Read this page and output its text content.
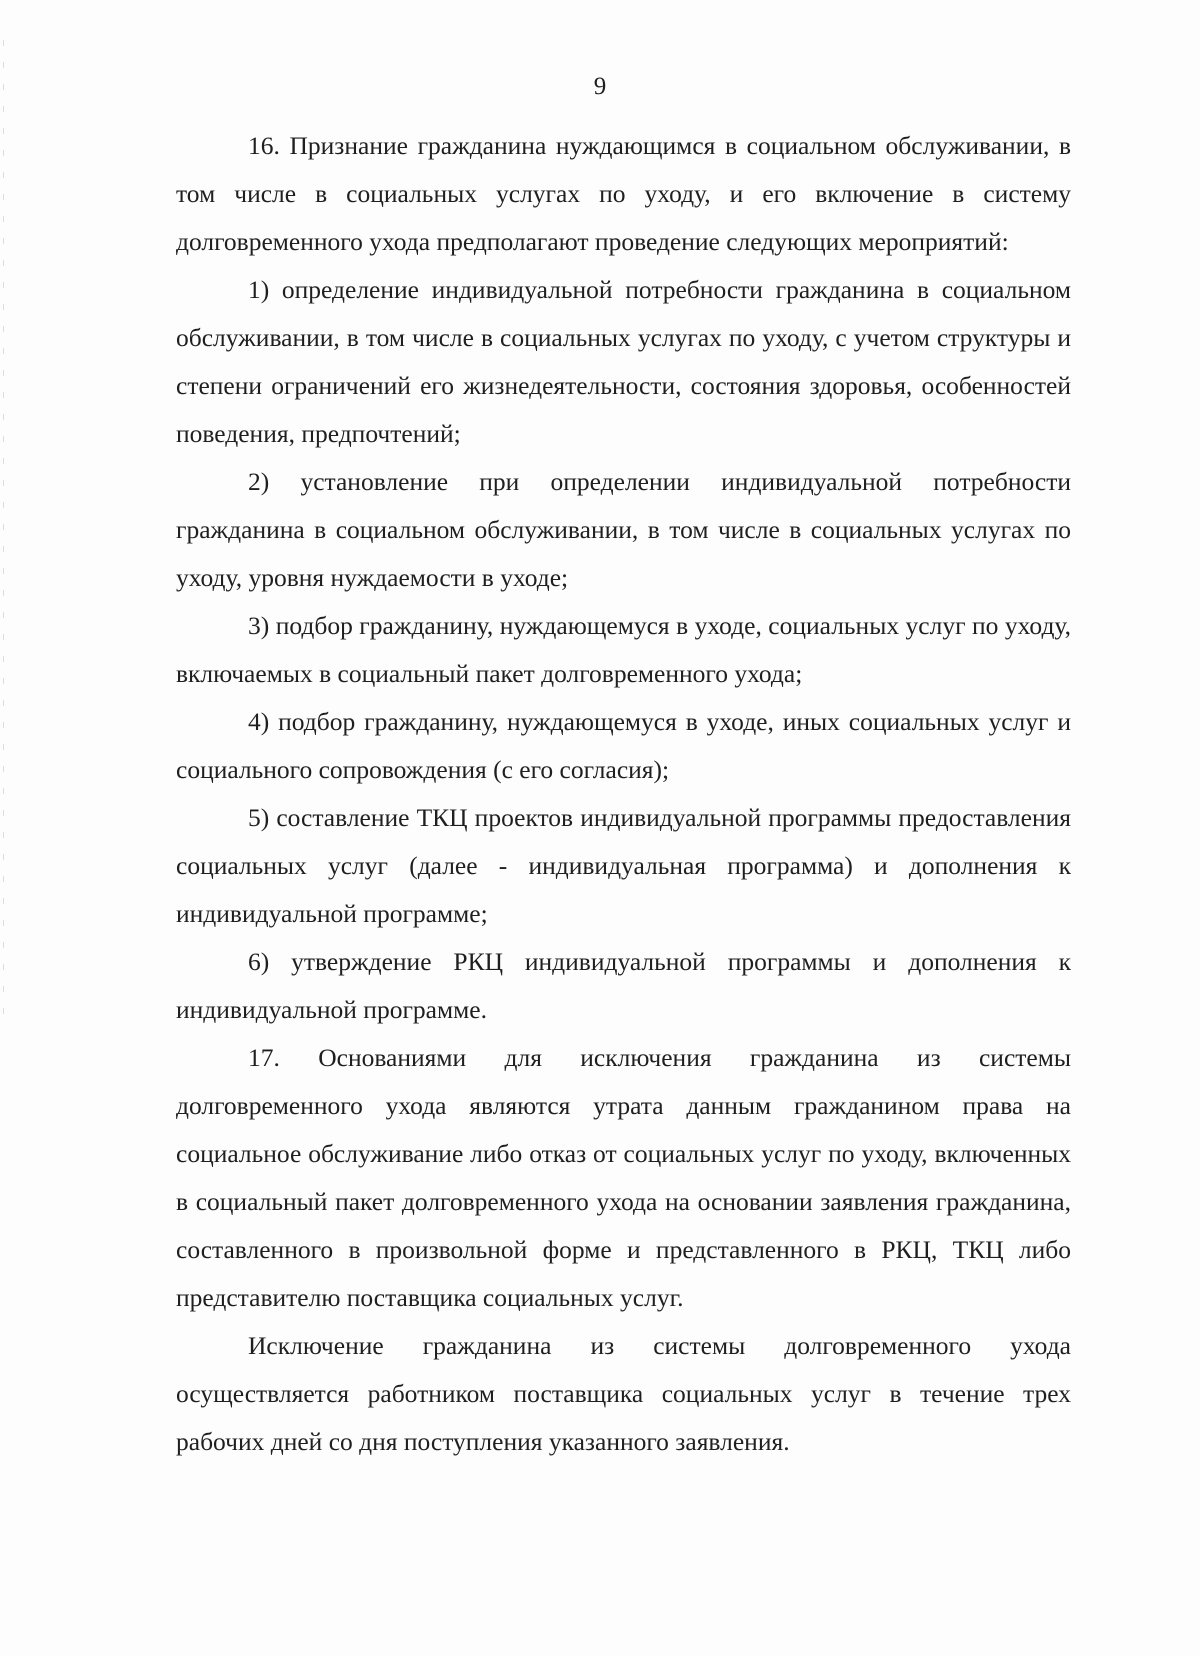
9

16. Признание гражданина нуждающимся в социальном обслуживании, в том числе в социальных услугах по уходу, и его включение в систему долговременного ухода предполагают проведение следующих мероприятий:

1) определение индивидуальной потребности гражданина в социальном обслуживании, в том числе в социальных услугах по уходу, с учетом структуры и степени ограничений его жизнедеятельности, состояния здоровья, особенностей поведения, предпочтений;

2) установление при определении индивидуальной потребности гражданина в социальном обслуживании, в том числе в социальных услугах по уходу, уровня нуждаемости в уходе;

3) подбор гражданину, нуждающемуся в уходе, социальных услуг по уходу, включаемых в социальный пакет долговременного ухода;

4) подбор гражданину, нуждающемуся в уходе, иных социальных услуг и социального сопровождения (с его согласия);

5) составление ТКЦ проектов индивидуальной программы предоставления социальных услуг (далее - индивидуальная программа) и дополнения к индивидуальной программе;

6) утверждение РКЦ индивидуальной программы и дополнения к индивидуальной программе.

17. Основаниями для исключения гражданина из системы долговременного ухода являются утрата данным гражданином права на социальное обслуживание либо отказ от социальных услуг по уходу, включенных в социальный пакет долговременного ухода на основании заявления гражданина, составленного в произвольной форме и представленного в РКЦ, ТКЦ либо представителю поставщика социальных услуг.

Исключение гражданина из системы долговременного ухода осуществляется работником поставщика социальных услуг в течение трех рабочих дней со дня поступления указанного заявления.
